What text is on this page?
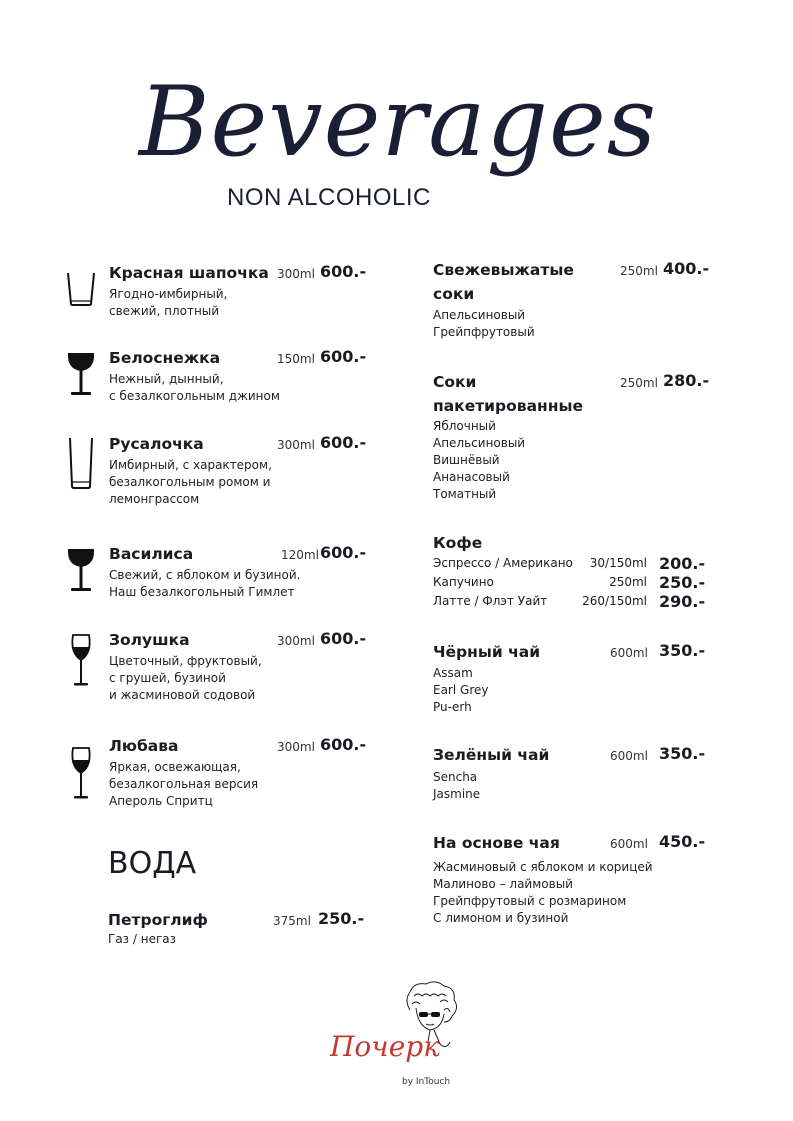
Beverages
NON ALCOHOLIC
Красная шапочка 300ml 600.-
Ягодно-имбирный,
свежий, плотный
Белоснежка	150ml 600.-
Нежный, дынный,
с безалкогольным джином
Русалочка	300ml 600.-
Имбирный, с характером,
безалкогольным ромом и
лемонграссом
Василиса	120ml 600.-
Свежий, с яблоком и бузиной.
Наш безалкогольный Гимлет
Золушка	300ml 600.-
Цветочный, фруктовый,
с грушей, бузиной
и жасминовой содовой
Любава	300ml 600.-
Яркая, освежающая,
безалкогольная версия
Апероль Спритц
ВОДА
Петроглиф	375ml 250.-
Газ / негаз
Свежевыжатые
соки
250ml 400.-
Апельсиновый
Грейпфрутовый
Соки
пакетированные
250ml 280.-
Яблочный
Апельсиновый
Вишнёвый
Ананасовый
Томатный
Кофе
Эспрессо / Американо 30/150ml 200.-
Капучино	250ml 250.-
Латте / Флэт Уайт	260/150ml 290.-
Чёрный чай	600ml 350.-
Assam
Earl Grey
Pu-erh
Зелёный чай	600ml 350.-
Sencha
Jasmine
На основе чая	600ml 450.-
Жасминовый с яблоком и корицей
Малиново – лаймовый
Грейпфрутовый с розмарином
С лимоном и бузиной
Почерк
by InTouch
